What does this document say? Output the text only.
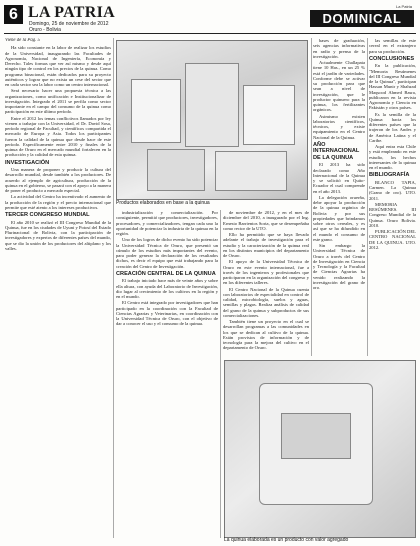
6 LA PATRIA
Domingo, 25 de noviembre de 2012
Oruro - Bolivia
La Patria
DOMINICAL
Viene de la Pág. 5

Ha sido constante en la labor de realizar los estudios de la Universidad, inaugurando las Facultades de Agronomía, Nacional de Ingeniería, Economía y Derecho. Tales formas que ver así mismo y desde aquí ningún tipo de control en los precios de la quinua. Como programa binacional, están dedicados para su proyecto auténticos y lograr que no exista un cese del sector que en cada sector sea la labor como un centro internacional.

Será necesario hacer una propuesta técnica a las organizaciones, como unificación e Institucionalizar de investigación. Integrado el 2011 se perfila como sector importante en el campo del consumo de la quinua como participación en este último período.

Entre el 2012 los temas conflictivos llamados por ley vienen a trabajar con la Universidad, el Dr. David Sosa, período regional de Facultad, y científicos compartida el mercado de Europa y Asia. Todos los participantes fueron la calidad de la quinua que desde hace de este período. Específicamente entre 2010 y finales de la quinua de Oruro en el mercado mundial fortalecen en la producción y la calidad de esta quinua.

INVESTIGACIÓN

Una manera de proponer y producir la cultura del desarrollo mundial, desde también a los productores. De acuerdo al ejemplo de agricultura, producción de la quinua en el gobierno, se pasará con el apoyo a la manera de poner el producto a mercado especial.

La actividad del Centro ha incentivado el aumento de la producción de la región y el precio internacional que permite que esté atento a los intereses productivos.

TERCER CONGRESO MUNDIAL

El año 2010 se realizó el III Congreso Mundial de la Quinua, fue en los ciudades de Uyuni y Potosí del Estado Plurinacional de Bolivia, con la participación de investigadores y expertos de diferentes países del mundo, que se dio la unión de los productores del altiplano y los valles.

Productos elaborados en base a la quinua

industrialización y comercialización. Por consiguiente, permitió que productores, investigadores, procesadores, y comercializadores, tengan cada uno la oportunidad de potenciar la industria de la quinua en la región.

Uno de los logros de dicho evento ha sido potenciar la Universidad Técnica de Oruro, que presentó un cúmulo de los estudios más importantes del evento, para poder generar la declaración de los resultados dichos, es decir el equipo que está trabajando para la creación del Centro de Investigación.

CREACIÓN CENTRAL DE LA QUINUA

El trabajo iniciado hace más de veinte años y sobre ella altura, con ayuda del Laboratorio de Investigación, dio lugar al crecimiento de los cultivos en la región y en el mundo.

El Centro está integrado por investigadores que han participado en la coordinación con la Facultad de Ciencias Agrarias y Veterinarias, en coordinación con la Universidad Técnica de Oruro, con el objetivo de dar a conocer el uso y el consumo de la quinua.

de noviembre de 2012, y en el mes de diciembre del 2010, a inaugurado por el Ing. Ernesto Barrientos Soria, que se desempeñaba como rector de la UTO.

Ello ha permitido que se haya llevado adelante el trabajo de investigación para el estudio y la caracterización de la quinua real en los distintos municipios del departamento de Oruro.

El apoyo de la Universidad Técnica de Oruro en este evento internacional, fue a través de los ingenieros y profesionales que participaron en la organización del congreso y en los diferentes talleres.

El Centro Nacional de la Quinua cuenta con laboratorios de especialidad en control de calidad, microbiología, suelos y aguas, semillas y plagas. Realiza análisis de calidad del grano de la quinua y subproductos de sus comercializaciones.

También tiene un proyecto en el cual se desarrollan programas a las comunidades en los que se dedican al cultivo de la quinua. Están provistos de información y de tecnología para la mejora del cultivo en el departamento de Oruro.

bases de graduación, seis agencias informativas en radio y prensa de la investigación.

Actualmente Challapata tiene 10 Has., en un 25 % está el jardín de variedades. Conforme debe se activar su producción para que sean a nivel de investigación, que le productor quinuero para la quinua, los fertilizantes orgánicos.

Asimismo existen laboratorios científicos, técnicos, y existe equipamiento en el Centro Nacional de la Quinua.

AÑO INTERNACIONAL DE LA QUINUA

El 2013 ha sido declarado como Año Internacional de la Quinua y se solicitó en Quito-Ecuador el cual comprende en el año 2013.

La delegación oruerña, debe apoyar la producción de la quinua orgánica de Bolivia y por sus propiedades que brindamos sobre otros cereales, y es así que se ha difundido en el mundo el consumo de este grano.

Sin embargo la Universidad Técnica de Oruro a través del Centro de Investigación en Ciencia y Tecnología y la Facultad de Ciencias Agrarias ha venido realizando la investigación del grano de oro.

las semillas de este cereal en el extranjero para su producción.

CONCLUSIONES

En la publicación, "Memoria Resúmenes del III Congreso Mundial de la Quinua", participan Hassan Munir y Shahzad Maqsood Ahmed Basra, publicaron en la revista Agronomía y Ciencia en Pakistán y otros países.

Es la semilla de la Quinua hacia los diferentes países que la trajeron de los Andes y de América Latina y el Caribe.

Aquí entra esta Chile y está empleando en este estudio, los hechos interesantes de la quinua en el mundo.

BIBLIOGRAFÍA

BLANCO TAPIA, Carmen. La Quinua (Grano de oro). UTO. 2011.

MEMORIA RESÚMENES. III Congreso Mundial de la Quinua. Oruro Bolivia. 2010.

PUBLICACIÓN DEL CENTRO NACIONAL DE LA QUINUA. UTO. 2012.

La quinua elaborada es un producto con valor agregado
